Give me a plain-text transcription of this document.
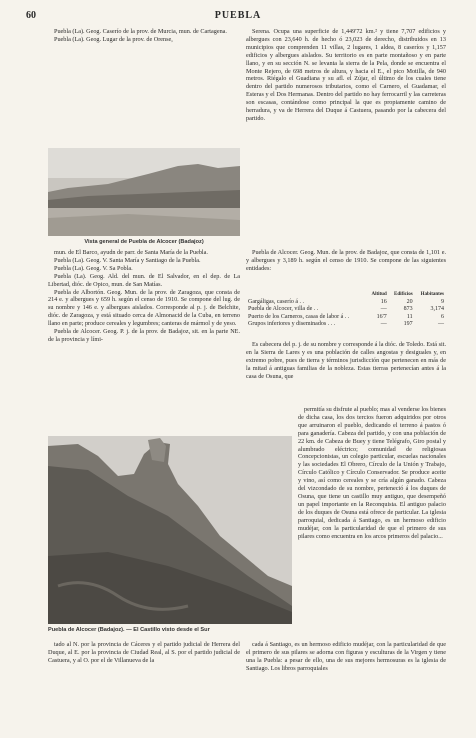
60	PUEBLA

Puebla (La). Geog. Caserío de la prov. de Murcia, mun. de Cartagena.

Puebla (La). Geog. Lugar de la prov. de Orense,

Vista general de Puebla de Alcocer (Badajoz)

Serena. Ocupa una superficie de 1,449'72 km.² y tiene 7,707 edificios y albergues con 23,640 h. de hecho ó 23,023 de derecho, distribuidos en 13 municipios que comprenden 11 villas, 2 lugares, 1 aldea, 8 caseríos y 1,157 edificios y albergues aislados. Su territorio es en parte montañoso y en parte llano, y en su sección N. se levanta la sierra de la Pela, donde se encuentra el Monte Rejero, de 698 metros de altura, y hacia el E., el pico Motilla, de 940 metros. Riégalo el Guadiana y su afl. el Zújar, el último de los cuales tiene dentro del partido numerosos tributarios, como el Carnero, el Guadamar, el Esteras y el Dos Hermanas. Dentro del partido no hay ferrocarril y las carreteras son escasas, contándose como principal la que es propiamente camino de herradura, y va de Herrera del Duque á Castuera, pasando por la cabecera del partido.

mun. de El Barco, ayudn de parr. de Santa María de la Puebla.

Puebla (La). Geog. V. Santa María y Santiago de la Puebla.

Puebla (La). Geog. V. Sa Pobla.

Puebla (La). Geog. Ald. del mun. de El Salvador, en el dep. de La Libertad, dióc. de Opico, mun. de San Matías.

Puebla de Albortón. Geog. Mun. de la prov. de Zaragoza, que consta de 214 e. y albergues y 659 h. según el censo de 1910. Se compone del lug. de su nombre y 146 e. y albergues aislados. Corresponde al p. j. de Belchite, dióc. de Zaragoza, y está situado cerca de Almonacid de la Cuba, en terreno llano en parte; produce cereales y legumbres; canteras de mármol y de yeso.

Puebla de Alcocer. Geog. P. j. de la prov. de Badajoz, sit. en la parte NE. de la provincia y lími-

Puebla de Alcocer. Geog. Mun. de la prov. de Badajoz, que consta de 1,101 e. y albergues y 3,189 h. según el censo de 1910. Se compone de las siguientes entidades:

	Altitud	Edificios	Habitantes
Gargáligas, caserío á . .	16	20	9
Puebla de Alcocer, villa de . .	—	873	3,174
Puerto de los Carneros, casas de labor á . .	16'7	11	6
Grupos inferiores y diseminados . . .	—	197	—

Es cabecera del p. j. de su nombre y corresponde á la dióc. de Toledo. Está sit. en la Sierra de Lares y es una población de calles angostas y desiguales y, en extremo pobre, pues de tierra y términos jurisdicción que pertenecen en más de la mitad á antiguas familias de la nobleza. Estas tierras pertenecían antes á la casa de Osuna, que

Puebla de Alcocer (Badajoz). — El Castillo visto desde el Sur

permitía su disfrute al pueblo; mas al venderse los bienes de dicha casa, los dos tercios fueron adquiridos por otros que arruinaron el pueblo, dedicando el terreno á pastos ó para ganadería. Cabeza del partido, y con una población de 22 km. de Cabeza de Buey y tiene Telégrafo, Giro postal y alumbrado eléctrico; comunidad de religiosas Concepcionistas, un colegio particular, escuelas nacionales y las sociedades El Obrero, Círculo de la Unión y Trabajo, Círculo Católico y Círculo Conservador. Se produce aceite y vino, así como cereales y se cría algún ganado. Cabeza del vizcondado de su nombre, perteneció á los duques de Osuna, que tiene un castillo muy antiguo, que desempeñó un papel importante en la Reconquista. El antiguo palacio de los duques de Osuna está ofrece de particular. La iglesia parroquial, dedicada á Santiago, es un hermoso edificio mudéjar, con la particularidad de que el primero de sus pilares como encuentra en los arcos primeros del palacio...

tado al N. por la provincia de Cáceres y el partido judicial de Herrera del Duque, al E. por la provincia de Ciudad Real, al S. por el partido judicial de Castuera, y al O. por el de Villanueva de la

cada á Santiago, es un hermoso edificio mudéjar, con la particularidad de que el primero de sus pilares se adorna con figuras y esculturas de la Virgen y tiene una la Puebla: a pesar de ello, una de sus mejores hermosuras es la iglesia de Santiago. Los libros parroquiales
